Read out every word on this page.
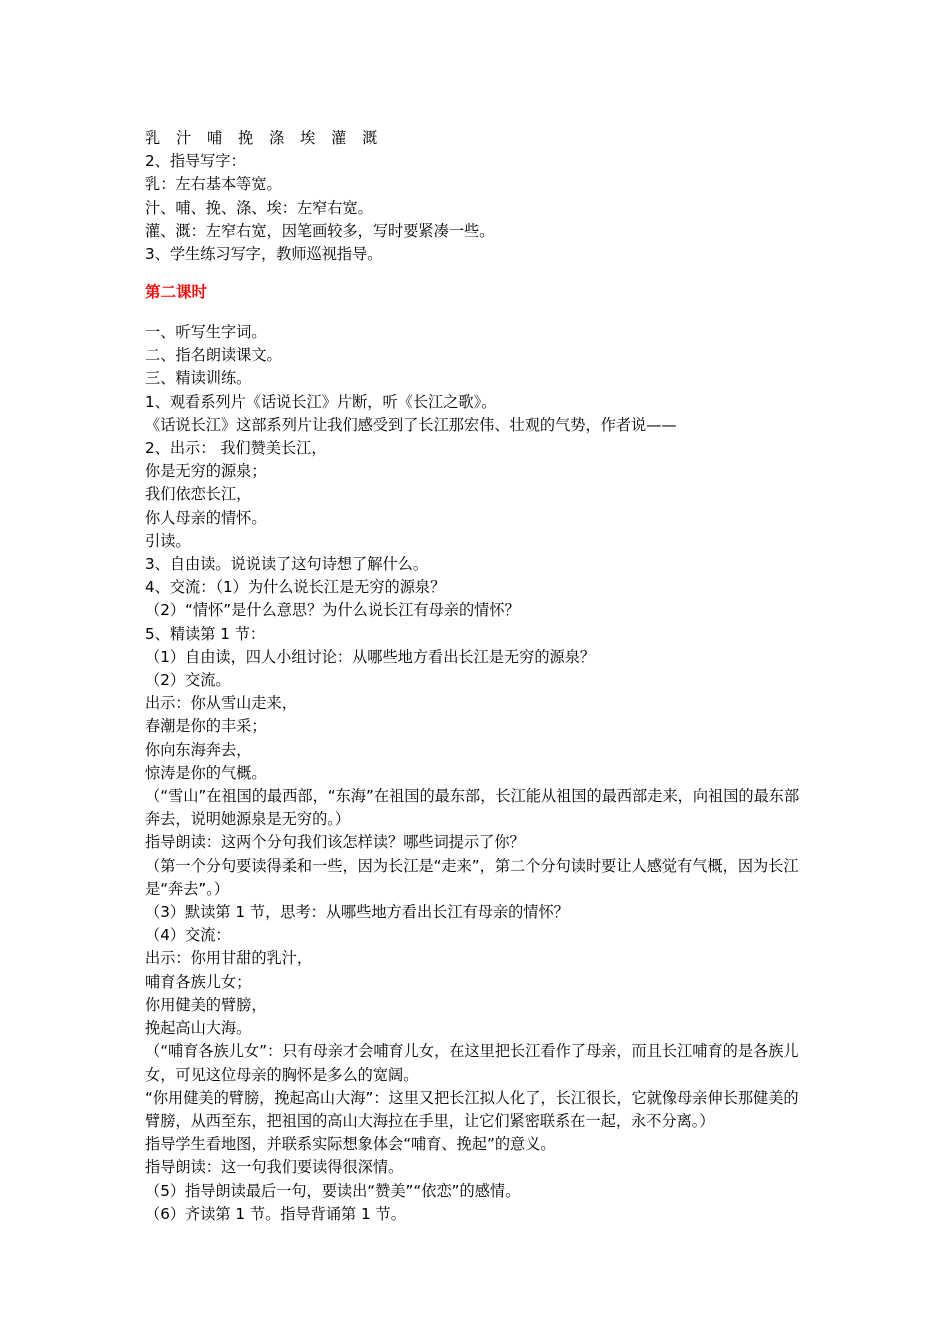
乳 汁 哺 挽 涤 埃 灌 溉
2、指导写字：
乳：左右基本等宽。
汁、哺、挽、涤、埃：左窄右宽。
灌、溉：左窄右宽，因笔画较多，写时要紧凑一些。
3、学生练习写字，教师巡视指导。
第二课时
一、听写生字词。
二、指名朗读课文。
三、精读训练。
1、观看系列片《话说长江》片断，听《长江之歌》。
《话说长江》这部系列片让我们感受到了长江那宏伟、壮观的气势，作者说——
2、出示： 我们赞美长江，
你是无穷的源泉；
我们依恋长江，
你人母亲的情怀。
引读。
3、自由读。说说读了这句诗想了解什么。
4、交流：（1）为什么说长江是无穷的源泉？
（2）“情怀”是什么意思？为什么说长江有母亲的情怀？
5、精读第 1 节：
（1）自由读，四人小组讨论：从哪些地方看出长江是无穷的源泉？
（2）交流。
出示：你从雪山走来，
春潮是你的丰采；
你向东海奔去，
惊涛是你的气概。
（“雪山”在祖国的最西部，“东海”在祖国的最东部，长江能从祖国的最西部走来，向祖国的最东部奔去，说明她源泉是无穷的。）
指导朗读：这两个分句我们该怎样读？哪些词提示了你？
（第一个分句要读得柔和一些，因为长江是“走来”，第二个分句读时要让人感觉有气概，因为长江是“奔去”。）
（3）默读第 1 节，思考：从哪些地方看出长江有母亲的情怀？
（4）交流：
出示：你用甘甜的乳汁，
哺育各族儿女；
你用健美的臂膀，
挽起高山大海。
（“哺育各族儿女”：只有母亲才会哺育儿女，在这里把长江看作了母亲，而且长江哺育的是各族儿女，可见这位母亲的胸怀是多么的宽阔。
“你用健美的臂膀，挽起高山大海”：这里又把长江拟人化了，长江很长，它就像母亲伸长那健美的臂膀，从西至东，把祖国的高山大海拉在手里，让它们紧密联系在一起，永不分离。）
指导学生看地图，并联系实际想象体会“哺育、挽起”的意义。
指导朗读：这一句我们要读得很深情。
（5）指导朗读最后一句，要读出“赞美”“依恋”的感情。
（6）齐读第 1 节。指导背诵第 1 节。
